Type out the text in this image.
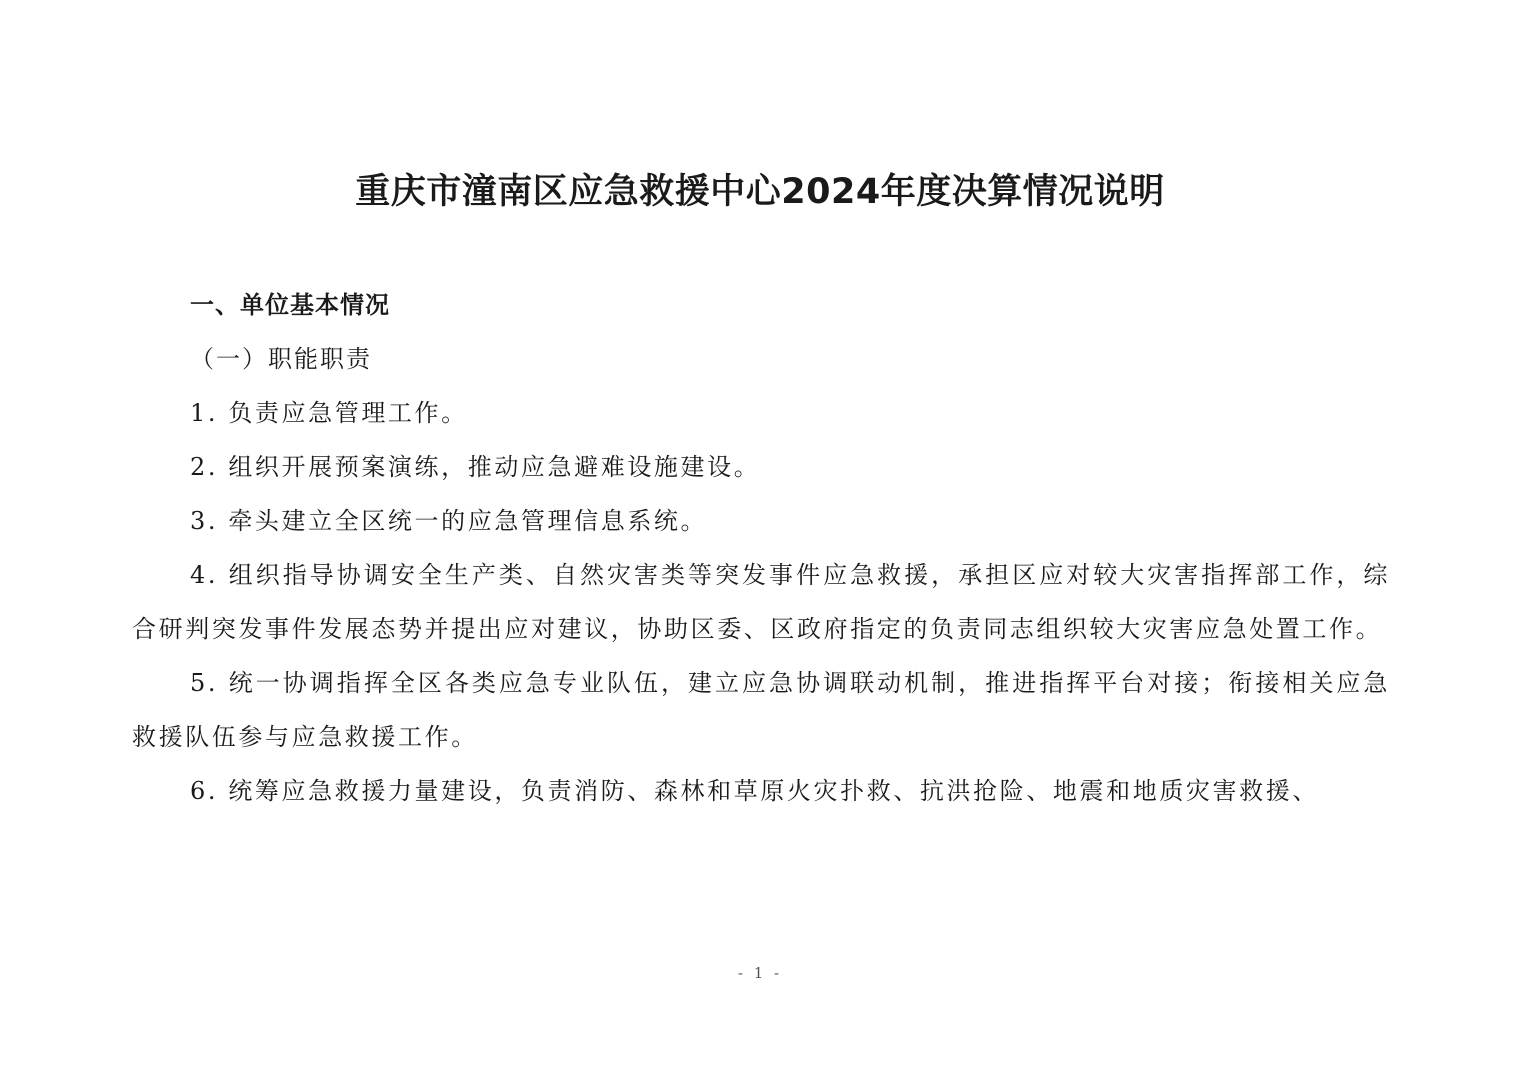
重庆市潼南区应急救援中心2024年度决算情况说明

一、单位基本情况

（一）职能职责

1. 负责应急管理工作。

2. 组织开展预案演练，推动应急避难设施建设。

3. 牵头建立全区统一的应急管理信息系统。

4. 组织指导协调安全生产类、自然灾害类等突发事件应急救援，承担区应对较大灾害指挥部工作，综合研判突发事件发展态势并提出应对建议，协助区委、区政府指定的负责同志组织较大灾害应急处置工作。

5. 统一协调指挥全区各类应急专业队伍，建立应急协调联动机制，推进指挥平台对接；衔接相关应急救援队伍参与应急救援工作。

6. 统筹应急救援力量建设，负责消防、森林和草原火灾扑救、抗洪抢险、地震和地质灾害救援、

- 1 -
